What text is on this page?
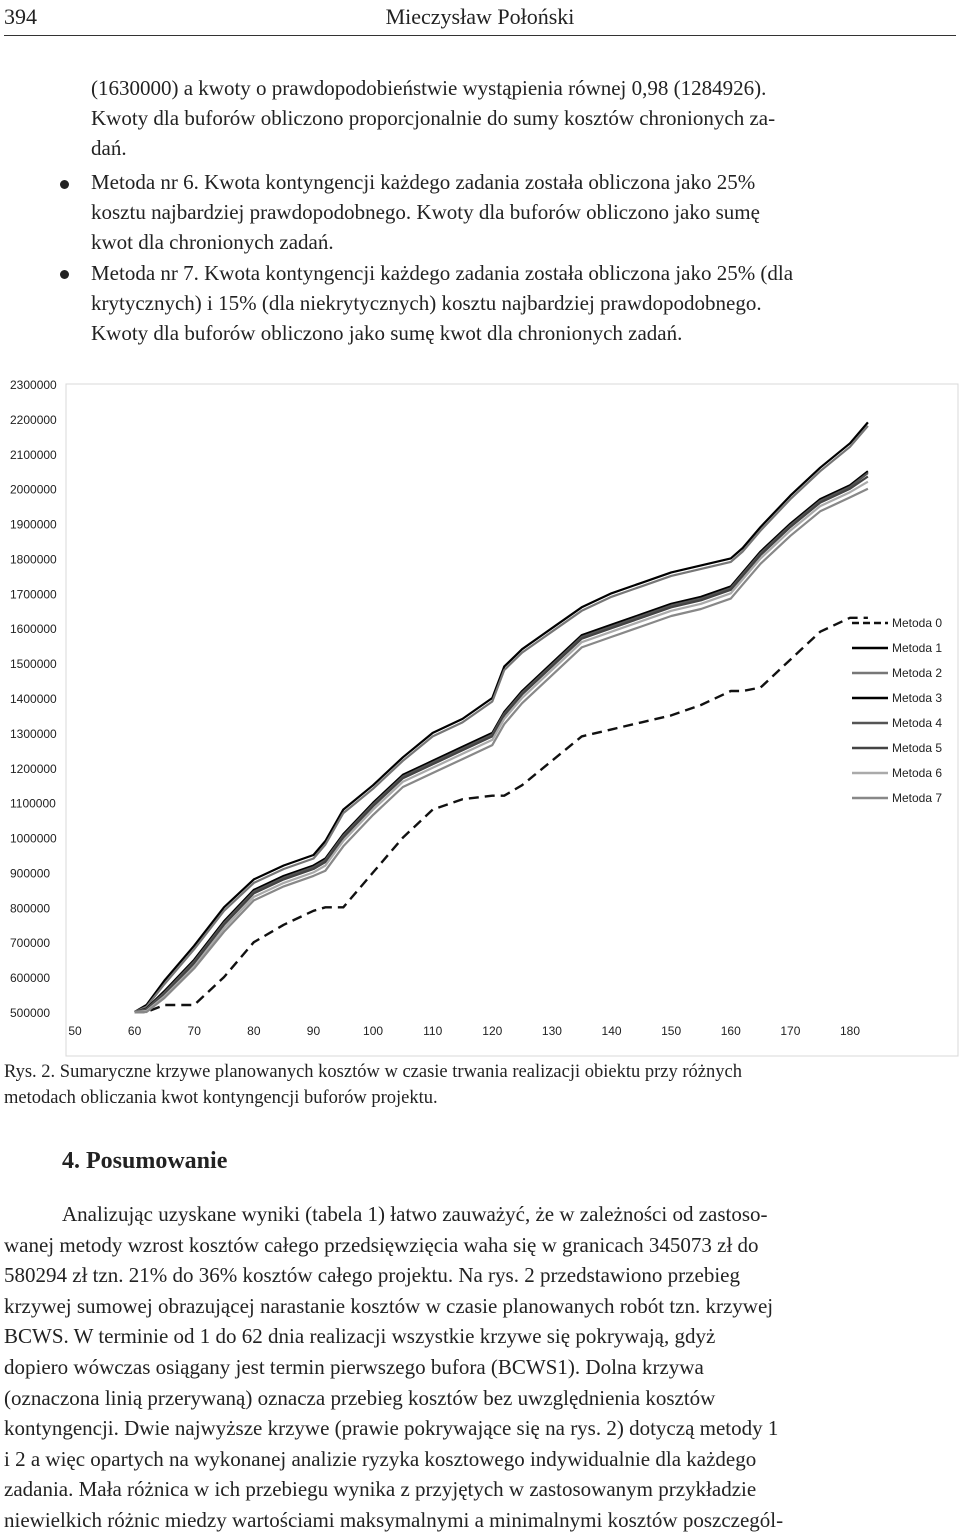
394	Mieczysław Połoński
(1630000) a kwoty o prawdopodobieństwie wystąpienia równej 0,98 (1284926).
Kwoty dla buforów obliczono proporcjonalnie do sumy kosztów chronionych za-
dań.
Metoda nr 6. Kwota kontyngencji każdego zadania została obliczona jako 25%
kosztu najbardziej prawdopodobnego. Kwoty dla buforów obliczono jako sumę
kwot dla chronionych zadań.
Metoda nr 7. Kwota kontyngencji każdego zadania została obliczona jako 25% (dla
krytycznych) i 15% (dla niekrytycznych) kosztu najbardziej prawdopodobnego.
Kwoty dla buforów obliczono jako sumę kwot dla chronionych zadań.
500000
600000
700000
800000
900000
1000000
1100000
1200000
1300000
1400000
1500000
1600000
1700000
1800000
1900000
2000000
2100000
2200000
2300000
50	60	70	80	90	100	110	120	130	140	150	160	170	180
Metoda 0
Metoda 1
Metoda 2
Metoda 3
Metoda 4
Metoda 5
Metoda 6
Metoda 7
Rys. 2. Sumaryczne krzywe planowanych kosztów w czasie trwania realizacji obiektu przy różnych
metodach obliczania kwot kontyngencji buforów projektu.
4. Posumowanie
Analizując uzyskane wyniki (tabela 1) łatwo zauważyć, że w zależności od zastoso-
wanej metody wzrost kosztów całego przedsięwzięcia waha się w granicach 345073 zł do
580294 zł tzn. 21% do 36% kosztów całego projektu. Na rys. 2 przedstawiono przebieg
krzywej sumowej obrazującej narastanie kosztów w czasie planowanych robót tzn. krzywej
BCWS. W terminie od 1 do 62 dnia realizacji wszystkie krzywe się pokrywają, gdyż
dopiero wówczas osiągany jest termin pierwszego bufora (BCWS1). Dolna krzywa
(oznaczona linią przerywaną) oznacza przebieg kosztów bez uwzględnienia kosztów
kontyngencji. Dwie najwyższe krzywe (prawie pokrywające się na rys. 2) dotyczą metody 1
i 2 a więc opartych na wykonanej analizie ryzyka kosztowego indywidualnie dla każdego
zadania. Mała różnica w ich przebiegu wynika z przyjętych w zastosowanym przykładzie
niewielkich różnic miedzy wartościami maksymalnymi a minimalnymi kosztów poszczegól-
